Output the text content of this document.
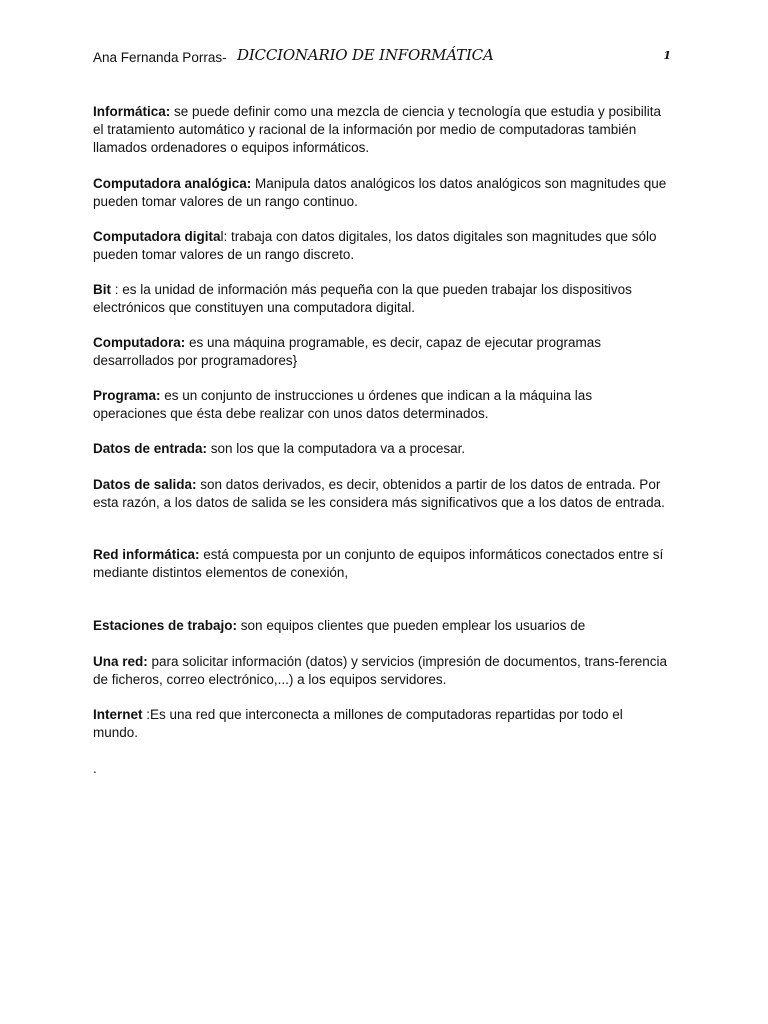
Ana Fernanda Porras- DICCIONARIO DE INFORMÁTICA	1

Informática: se puede definir como una mezcla de ciencia y tecnología que estudia y posibilita el tratamiento automático y racional de la información por medio de computadoras también llamados ordenadores o equipos informáticos.

Computadora analógica: Manipula datos analógicos los datos analógicos son magnitudes que pueden tomar valores de un rango continuo.

Computadora digital: trabaja con datos digitales, los datos digitales son magnitudes que sólo pueden tomar valores de un rango discreto.

Bit : es la unidad de información más pequeña con la que pueden trabajar los dispositivos electrónicos que constituyen una computadora digital.

Computadora: es una máquina programable, es decir, capaz de ejecutar programas desarrollados por programadores}

Programa: es un conjunto de instrucciones u órdenes que indican a la máquina las operaciones que ésta debe realizar con unos datos determinados.

Datos de entrada: son los que la computadora va a procesar.

Datos de salida: son datos derivados, es decir, obtenidos a partir de los datos de entrada. Por esta razón, a los datos de salida se les considera más significativos que a los datos de entrada.

Red informática: está compuesta por un conjunto de equipos informáticos conectados entre sí mediante distintos elementos de conexión,

Estaciones de trabajo: son equipos clientes que pueden emplear los usuarios de

Una red: para solicitar información (datos) y servicios (impresión de documentos, trans-ferencia de ficheros, correo electrónico,...) a los equipos servidores.

Internet :Es una red que interconecta a millones de computadoras repartidas por todo el mundo.

.
